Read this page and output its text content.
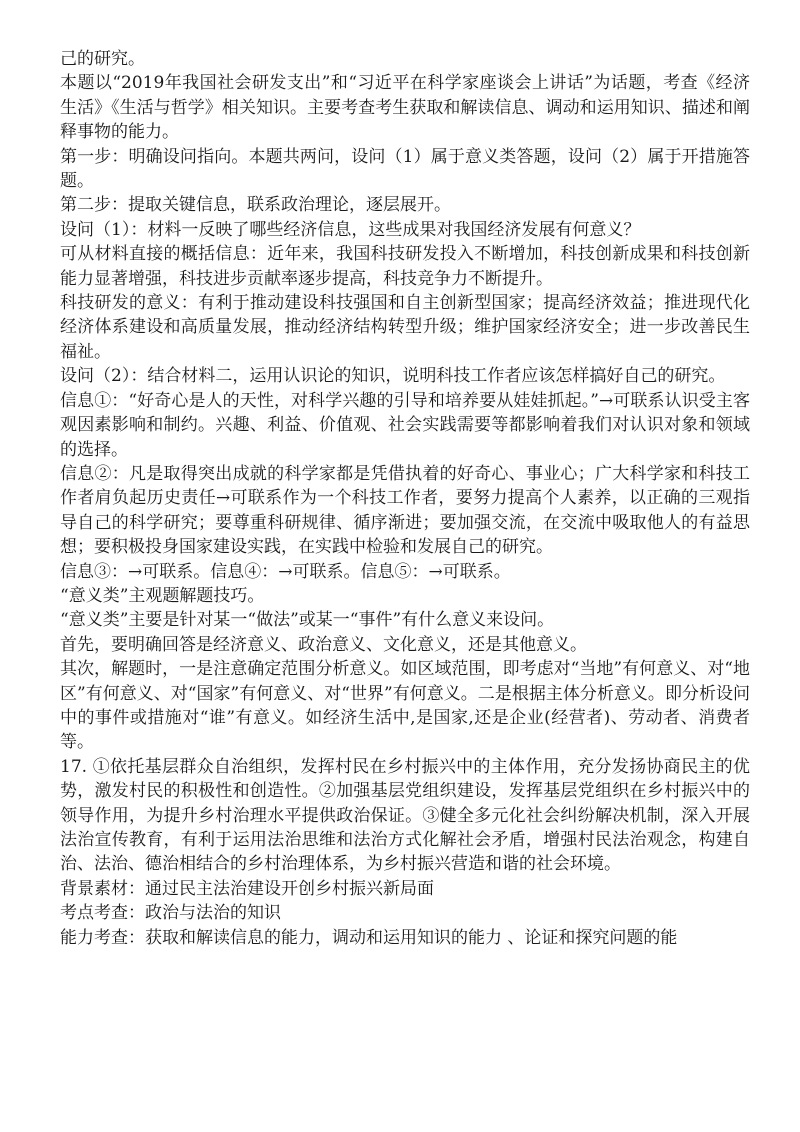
己的研究。

本题以“2019年我国社会研发支出”和“习近平在科学家座谈会上讲话”为话题，考查《经济生活》《生活与哲学》相关知识。主要考查考生获取和解读信息、调动和运用知识、描述和阐释事物的能力。

第一步：明确设问指向。本题共两问，设问（1）属于意义类答题，设问（2）属于开措施答题。

第二步：提取关键信息，联系政治理论，逐层展开。

设问（1）：材料一反映了哪些经济信息，这些成果对我国经济发展有何意义？

可从材料直接的概括信息：近年来，我国科技研发投入不断增加，科技创新成果和科技创新能力显著增强，科技进步贡献率逐步提高，科技竞争力不断提升。

科技研发的意义：有利于推动建设科技强国和自主创新型国家；提高经济效益；推进现代化经济体系建设和高质量发展，推动经济结构转型升级；维护国家经济安全；进一步改善民生福祉。

设问（2）：结合材料二，运用认识论的知识，说明科技工作者应该怎样搞好自己的研究。

信息①：“好奇心是人的天性，对科学兴趣的引导和培养要从娃娃抓起。”→可联系认识受主客观因素影响和制约。兴趣、利益、价值观、社会实践需要等都影响着我们对认识对象和领域的选择。

信息②：凡是取得突出成就的科学家都是凭借执着的好奇心、事业心；广大科学家和科技工作者肩负起历史责任→可联系作为一个科技工作者，要努力提高个人素养，以正确的三观指导自己的科学研究；要尊重科研规律、循序渐进；要加强交流，在交流中吸取他人的有益思想；要积极投身国家建设实践，在实践中检验和发展自己的研究。

信息③：→可联系。信息④：→可联系。信息⑤：→可联系。

“意义类”主观题解题技巧。

“意义类”主要是针对某一“做法”或某一“事件”有什么意义来设问。

首先，要明确回答是经济意义、政治意义、文化意义，还是其他意义。

其次，解题时，一是注意确定范围分析意义。如区域范围，即考虑对“当地”有何意义、对“地区”有何意义、对“国家”有何意义、对“世界”有何意义。二是根据主体分析意义。即分析设问中的事件或措施对“谁”有意义。如经济生活中,是国家,还是企业(经营者)、劳动者、消费者等。

17. ①依托基层群众自治组织，发挥村民在乡村振兴中的主体作用，充分发扬协商民主的优势，激发村民的积极性和创造性。②加强基层党组织建设，发挥基层党组织在乡村振兴中的领导作用，为提升乡村治理水平提供政治保证。③健全多元化社会纠纷解决机制，深入开展法治宣传教育，有利于运用法治思维和法治方式化解社会矛盾，增强村民法治观念，构建自治、法治、德治相结合的乡村治理体系，为乡村振兴营造和谐的社会环境。

背景素材：通过民主法治建设开创乡村振兴新局面

考点考查：政治与法治的知识

能力考查：获取和解读信息的能力，调动和运用知识的能力 、论证和探究问题的能
